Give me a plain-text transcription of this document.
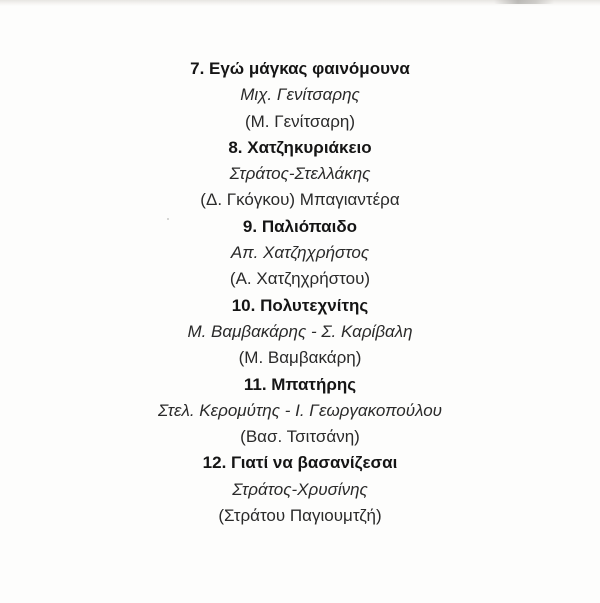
7. Εγώ μάγκας φαινόμουνα
Μιχ. Γενίτσαρης
(Μ. Γενίτσαρη)
8. Χατζηκυριάκειο
Στράτος-Στελλάκης
(Δ. Γκόγκου) Μπαγιαντέρα
9. Παλιόπαιδο
Απ. Χατζηχρήστος
(Α. Χατζηχρήστου)
10. Πολυτεχνίτης
Μ. Βαμβακάρης - Σ. Καρίβαλη
(Μ. Βαμβακάρη)
11. Μπατήρης
Στελ. Κερομύτης - Ι. Γεωργακοπούλου
(Βασ. Τσιτσάνη)
12. Γιατί να βασανίζεσαι
Στράτος-Χρυσίνης
(Στράτου Παγιουμτζή)
